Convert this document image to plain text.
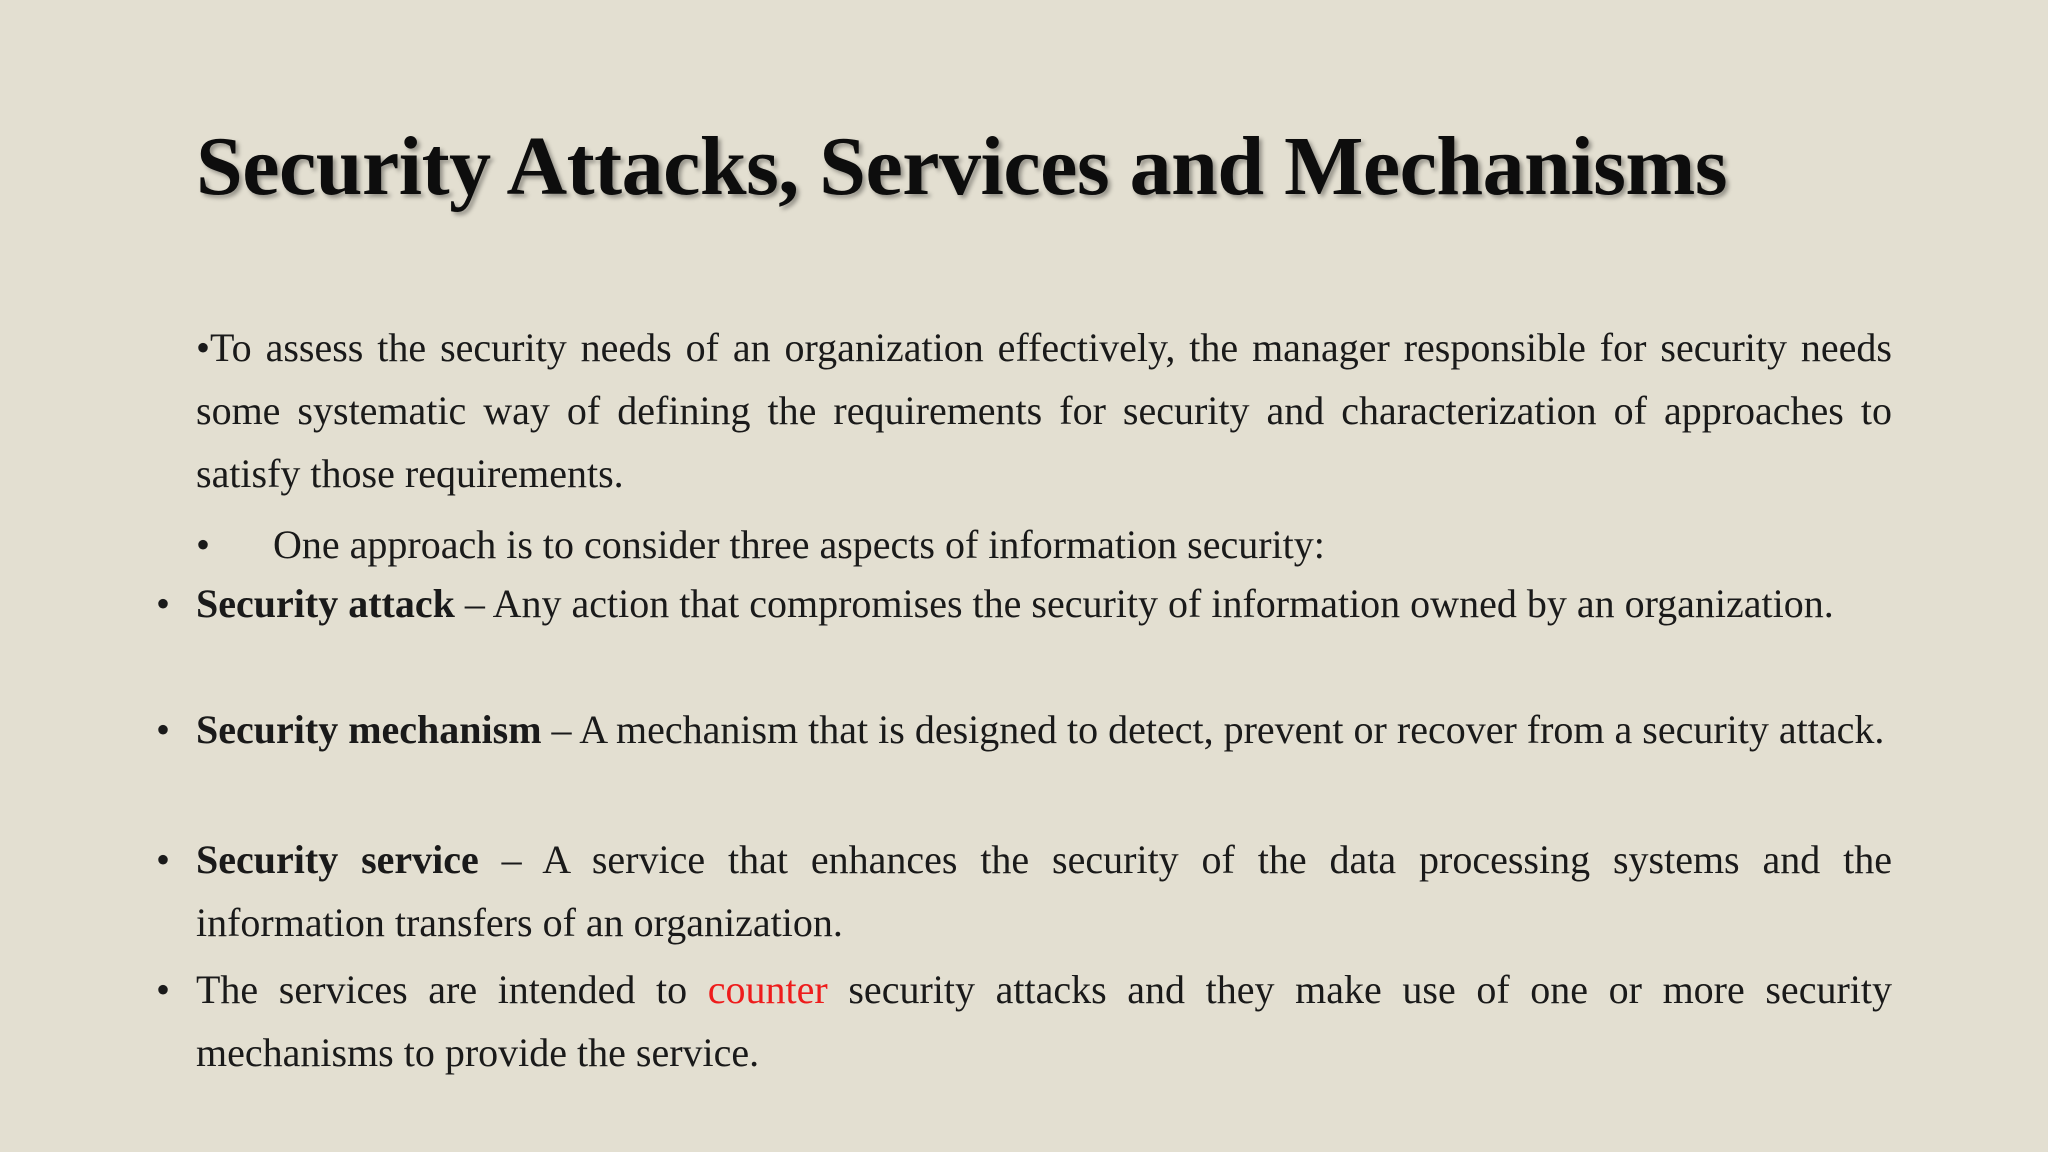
Security Attacks, Services and Mechanisms
•To assess the security needs of an organization effectively, the manager responsible for security needs some systematic way of defining the requirements for security and characterization of approaches to satisfy those requirements.
•	One approach is to consider three aspects of information security:
• Security attack – Any action that compromises the security of information owned by an organization.
• Security mechanism – A mechanism that is designed to detect, prevent or recover from a security attack.
• Security service – A service that enhances the security of the data processing systems and the information transfers of an organization.
• The services are intended to counter security attacks and they make use of one or more security mechanisms to provide the service.
